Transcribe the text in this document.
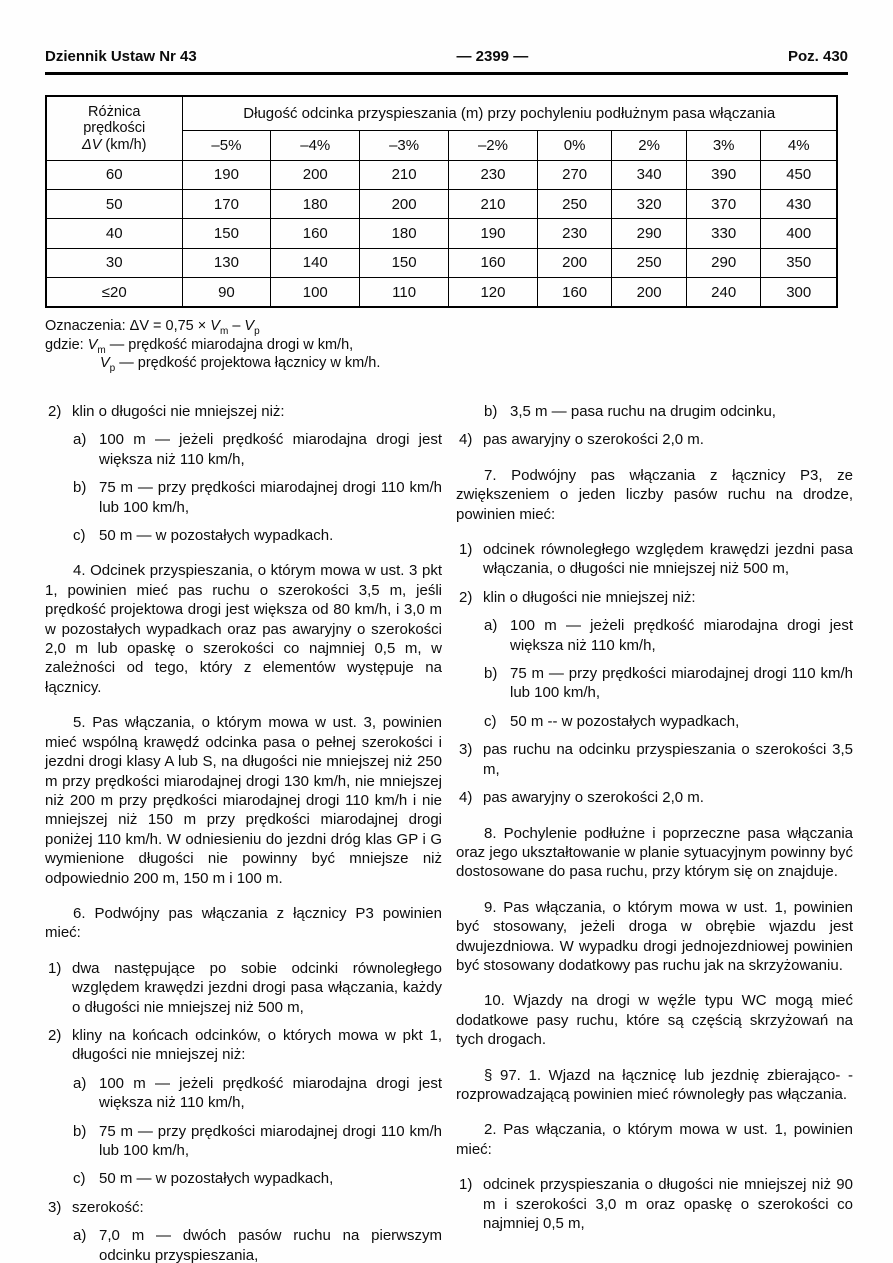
Dziennik Ustaw Nr 43	— 2399 —	Poz. 430
Różnica
prędkości
ΔV (km/h)	Długość odcinka przyspieszania (m) przy pochyleniu podłużnym pasa włączania							
	–5%	–4%	–3%	–2%	0%	2%	3%	4%
60	190	200	210	230	270	340	390	450
50	170	180	200	210	250	320	370	430
40	150	160	180	190	230	290	330	400
30	130	140	150	160	200	250	290	350
≤20	90	100	110	120	160	200	240	300
Oznaczenia: $\Delta V = 0,75 \times V_m - V_p$
gdzie: $V_m$ — prędkość miarodajna drogi w km/h,
$V_p$ — prędkość projektowa łącznicy w km/h.
2) klin o długości nie mniejszej niż:
a) 100 m — jeżeli prędkość miarodajna drogi jest większa niż 110 km/h,
b) 75 m — przy prędkości miarodajnej drogi 110 km/h lub 100 km/h,
c) 50 m — w pozostałych wypadkach.
4. Odcinek przyspieszania, o którym mowa w ust. 3 pkt 1, powinien mieć pas ruchu o szerokości 3,5 m, jeśli prędkość projektowa drogi jest większa od 80 km/h, i 3,0 m w pozostałych wypadkach oraz pas awaryjny o szerokości 2,0 m lub opaskę o szerokości co najmniej 0,5 m, w zależności od tego, który z elementów występuje na łącznicy.
5. Pas włączania, o którym mowa w ust. 3, powinien mieć wspólną krawędź odcinka pasa o pełnej szerokości i jezdni drogi klasy A lub S, na długości nie mniejszej niż 250 m przy prędkości miarodajnej drogi 130 km/h, nie mniejszej niż 200 m przy prędkości miarodajnej drogi 110 km/h i nie mniejszej niż 150 m przy prędkości miarodajnej drogi poniżej 110 km/h. W odniesieniu do jezdni dróg klas GP i G wymienione długości nie powinny być mniejsze niż odpowiednio 200 m, 150 m i 100 m.
6. Podwójny pas włączania z łącznicy P3 powinien mieć:
1) dwa następujące po sobie odcinki równoległego względem krawędzi jezdni drogi pasa włączania, każdy o długości nie mniejszej niż 500 m,
2) kliny na końcach odcinków, o których mowa w pkt 1, długości nie mniejszej niż:
a) 100 m — jeżeli prędkość miarodajna drogi jest większa niż 110 km/h,
b) 75 m — przy prędkości miarodajnej drogi 110 km/h lub 100 km/h,
c) 50 m — w pozostałych wypadkach,
3) szerokość:
a) 7,0 m — dwóch pasów ruchu na pierwszym odcinku przyspieszania,
b) 3,5 m — pasa ruchu na drugim odcinku,
4) pas awaryjny o szerokości 2,0 m.
7. Podwójny pas włączania z łącznicy P3, ze zwiększeniem o jeden liczby pasów ruchu na drodze, powinien mieć:
1) odcinek równoległego względem krawędzi jezdni pasa włączania, o długości nie mniejszej niż 500 m,
2) klin o długości nie mniejszej niż:
a) 100 m — jeżeli prędkość miarodajna drogi jest większa niż 110 km/h,
b) 75 m — przy prędkości miarodajnej drogi 110 km/h lub 100 km/h,
c) 50 m -- w pozostałych wypadkach,
3) pas ruchu na odcinku przyspieszania o szerokości 3,5 m,
4) pas awaryjny o szerokości 2,0 m.
8. Pochylenie podłużne i poprzeczne pasa włączania oraz jego ukształtowanie w planie sytuacyjnym powinny być dostosowane do pasa ruchu, przy którym się on znajduje.
9. Pas włączania, o którym mowa w ust. 1, powinien być stosowany, jeżeli droga w obrębie wjazdu jest dwujezdniowa. W wypadku drogi jednojezdniowej powinien być stosowany dodatkowy pas ruchu jak na skrzyżowaniu.
10. Wjazdy na drogi w węźle typu WC mogą mieć dodatkowe pasy ruchu, które są częścią skrzyżowań na tych drogach.
§ 97. 1. Wjazd na łącznicę lub jezdnię zbierająco- -rozprowadzającą powinien mieć równoległy pas włączania.
2. Pas włączania, o którym mowa w ust. 1, powinien mieć:
1) odcinek przyspieszania o długości nie mniejszej niż 90 m i szerokości 3,0 m oraz opaskę o szerokości co najmniej 0,5 m,
